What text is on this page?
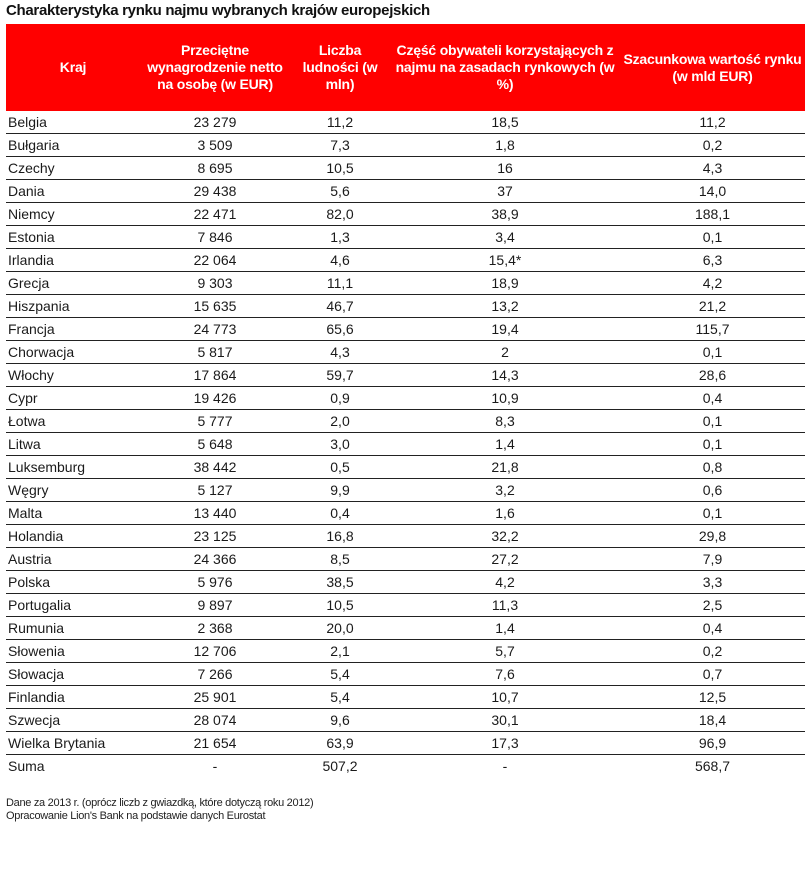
Charakterystyka rynku najmu wybranych krajów europejskich
Kraj	Przeciętne wynagrodzenie netto na osobę (w EUR)	Liczba ludności (w mln)	Część obywateli korzystających z najmu na zasadach rynkowych (w %)	Szacunkowa wartość rynku (w mld EUR)
Belgia	23 279	11,2	18,5	11,2
Bułgaria	3 509	7,3	1,8	0,2
Czechy	8 695	10,5	16	4,3
Dania	29 438	5,6	37	14,0
Niemcy	22 471	82,0	38,9	188,1
Estonia	7 846	1,3	3,4	0,1
Irlandia	22 064	4,6	15,4*	6,3
Grecja	9 303	11,1	18,9	4,2
Hiszpania	15 635	46,7	13,2	21,2
Francja	24 773	65,6	19,4	115,7
Chorwacja	5 817	4,3	2	0,1
Włochy	17 864	59,7	14,3	28,6
Cypr	19 426	0,9	10,9	0,4
Łotwa	5 777	2,0	8,3	0,1
Litwa	5 648	3,0	1,4	0,1
Luksemburg	38 442	0,5	21,8	0,8
Węgry	5 127	9,9	3,2	0,6
Malta	13 440	0,4	1,6	0,1
Holandia	23 125	16,8	32,2	29,8
Austria	24 366	8,5	27,2	7,9
Polska	5 976	38,5	4,2	3,3
Portugalia	9 897	10,5	11,3	2,5
Rumunia	2 368	20,0	1,4	0,4
Słowenia	12 706	2,1	5,7	0,2
Słowacja	7 266	5,4	7,6	0,7
Finlandia	25 901	5,4	10,7	12,5
Szwecja	28 074	9,6	30,1	18,4
Wielka Brytania	21 654	63,9	17,3	96,9
Suma	-	507,2	-	568,7
Dane za 2013 r. (oprócz liczb z gwiazdką, które dotyczą roku 2012)
Opracowanie Lion's Bank na podstawie danych Eurostat
